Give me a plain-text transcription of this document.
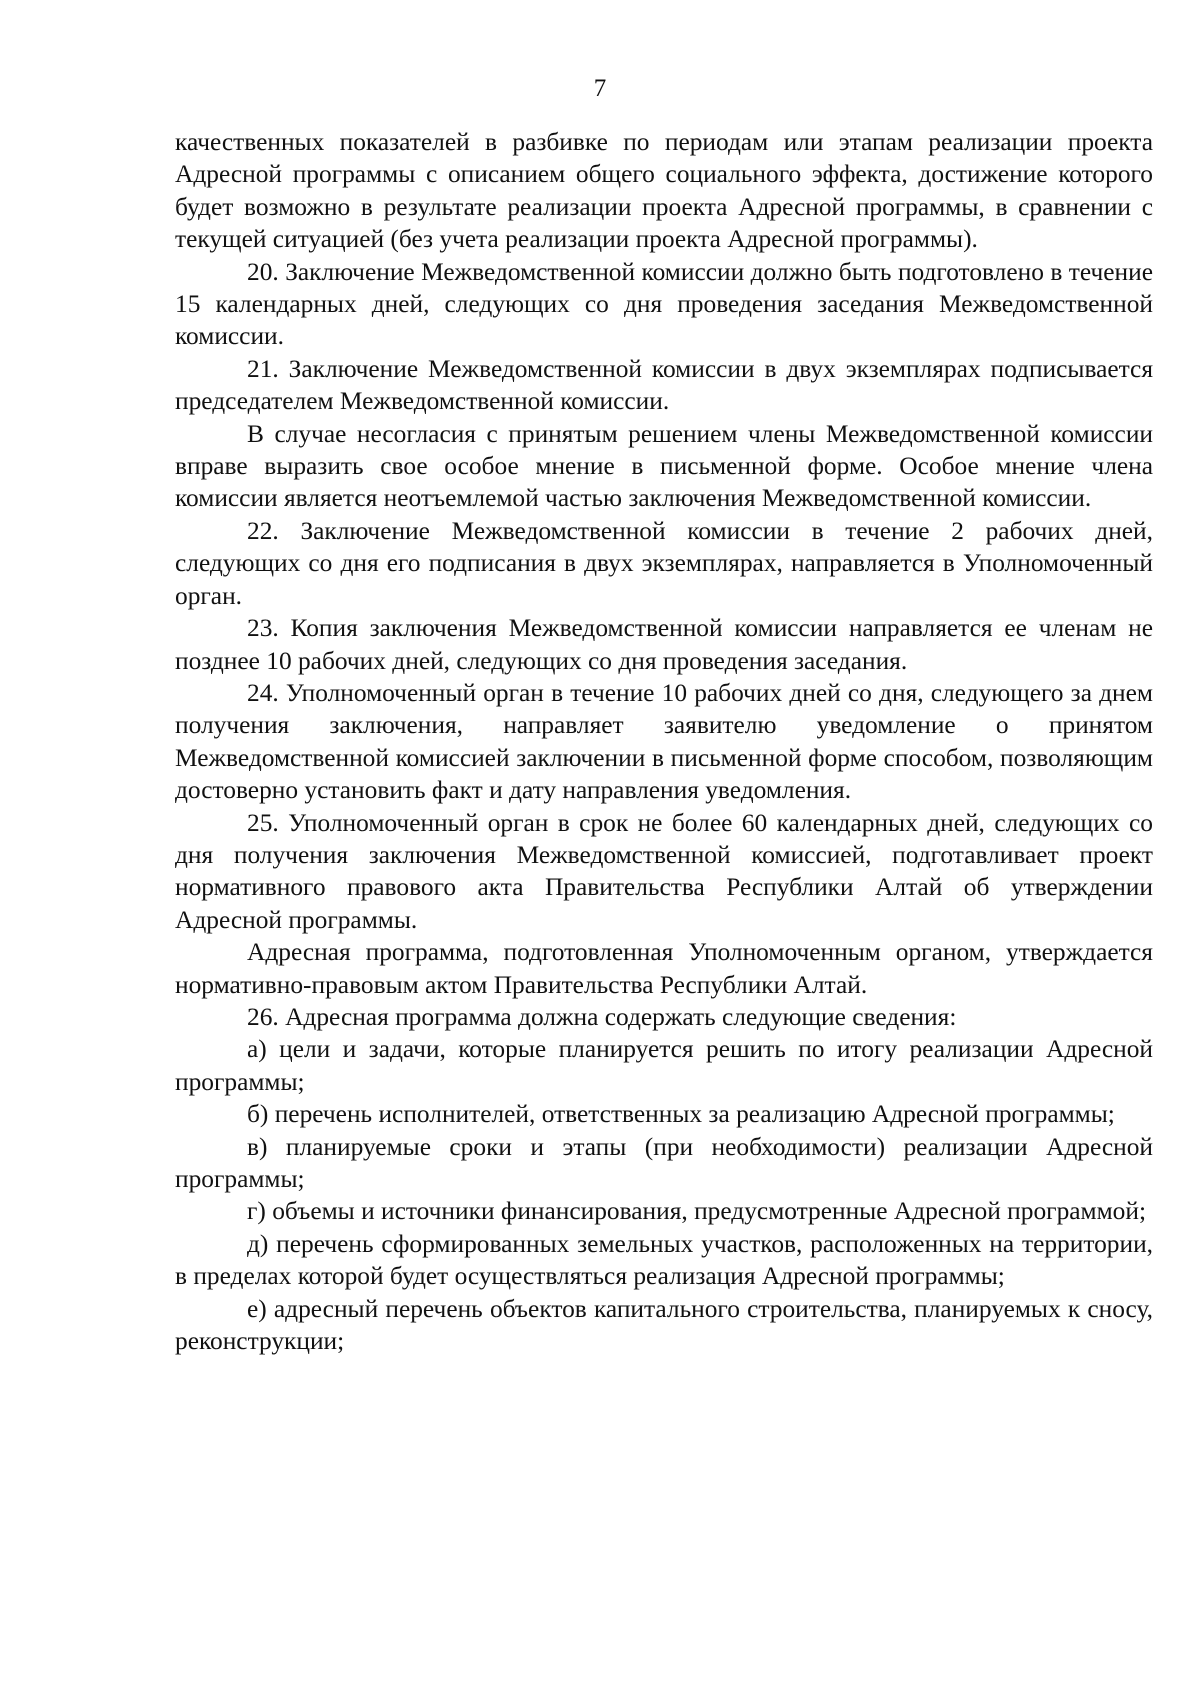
7

качественных показателей в разбивке по периодам или этапам реализации проекта Адресной программы с описанием общего социального эффекта, достижение которого будет возможно в результате реализации проекта Адресной программы, в сравнении с текущей ситуацией (без учета реализации проекта Адресной программы).

20. Заключение Межведомственной комиссии должно быть подготовлено в течение 15 календарных дней, следующих со дня проведения заседания Межведомственной комиссии.

21. Заключение Межведомственной комиссии в двух экземплярах подписывается председателем Межведомственной комиссии.

В случае несогласия с принятым решением члены Межведомственной комиссии вправе выразить свое особое мнение в письменной форме. Особое мнение члена комиссии является неотъемлемой частью заключения Межведомственной комиссии.

22. Заключение Межведомственной комиссии в течение 2 рабочих дней, следующих со дня его подписания в двух экземплярах, направляется в Уполномоченный орган.

23. Копия заключения Межведомственной комиссии направляется ее членам не позднее 10 рабочих дней, следующих со дня проведения заседания.

24. Уполномоченный орган в течение 10 рабочих дней со дня, следующего за днем получения заключения, направляет заявителю уведомление о принятом Межведомственной комиссией заключении в письменной форме способом, позволяющим достоверно установить факт и дату направления уведомления.

25. Уполномоченный орган в срок не более 60 календарных дней, следующих со дня получения заключения Межведомственной комиссией, подготавливает проект нормативного правового акта Правительства Республики Алтай об утверждении Адресной программы.

Адресная программа, подготовленная Уполномоченным органом, утверждается нормативно-правовым актом Правительства Республики Алтай.

26. Адресная программа должна содержать следующие сведения:

а) цели и задачи, которые планируется решить по итогу реализации Адресной программы;

б) перечень исполнителей, ответственных за реализацию Адресной программы;

в) планируемые сроки и этапы (при необходимости) реализации Адресной программы;

г) объемы и источники финансирования, предусмотренные Адресной программой;

д) перечень сформированных земельных участков, расположенных на территории, в пределах которой будет осуществляться реализация Адресной программы;

е) адресный перечень объектов капитального строительства, планируемых к сносу, реконструкции;
